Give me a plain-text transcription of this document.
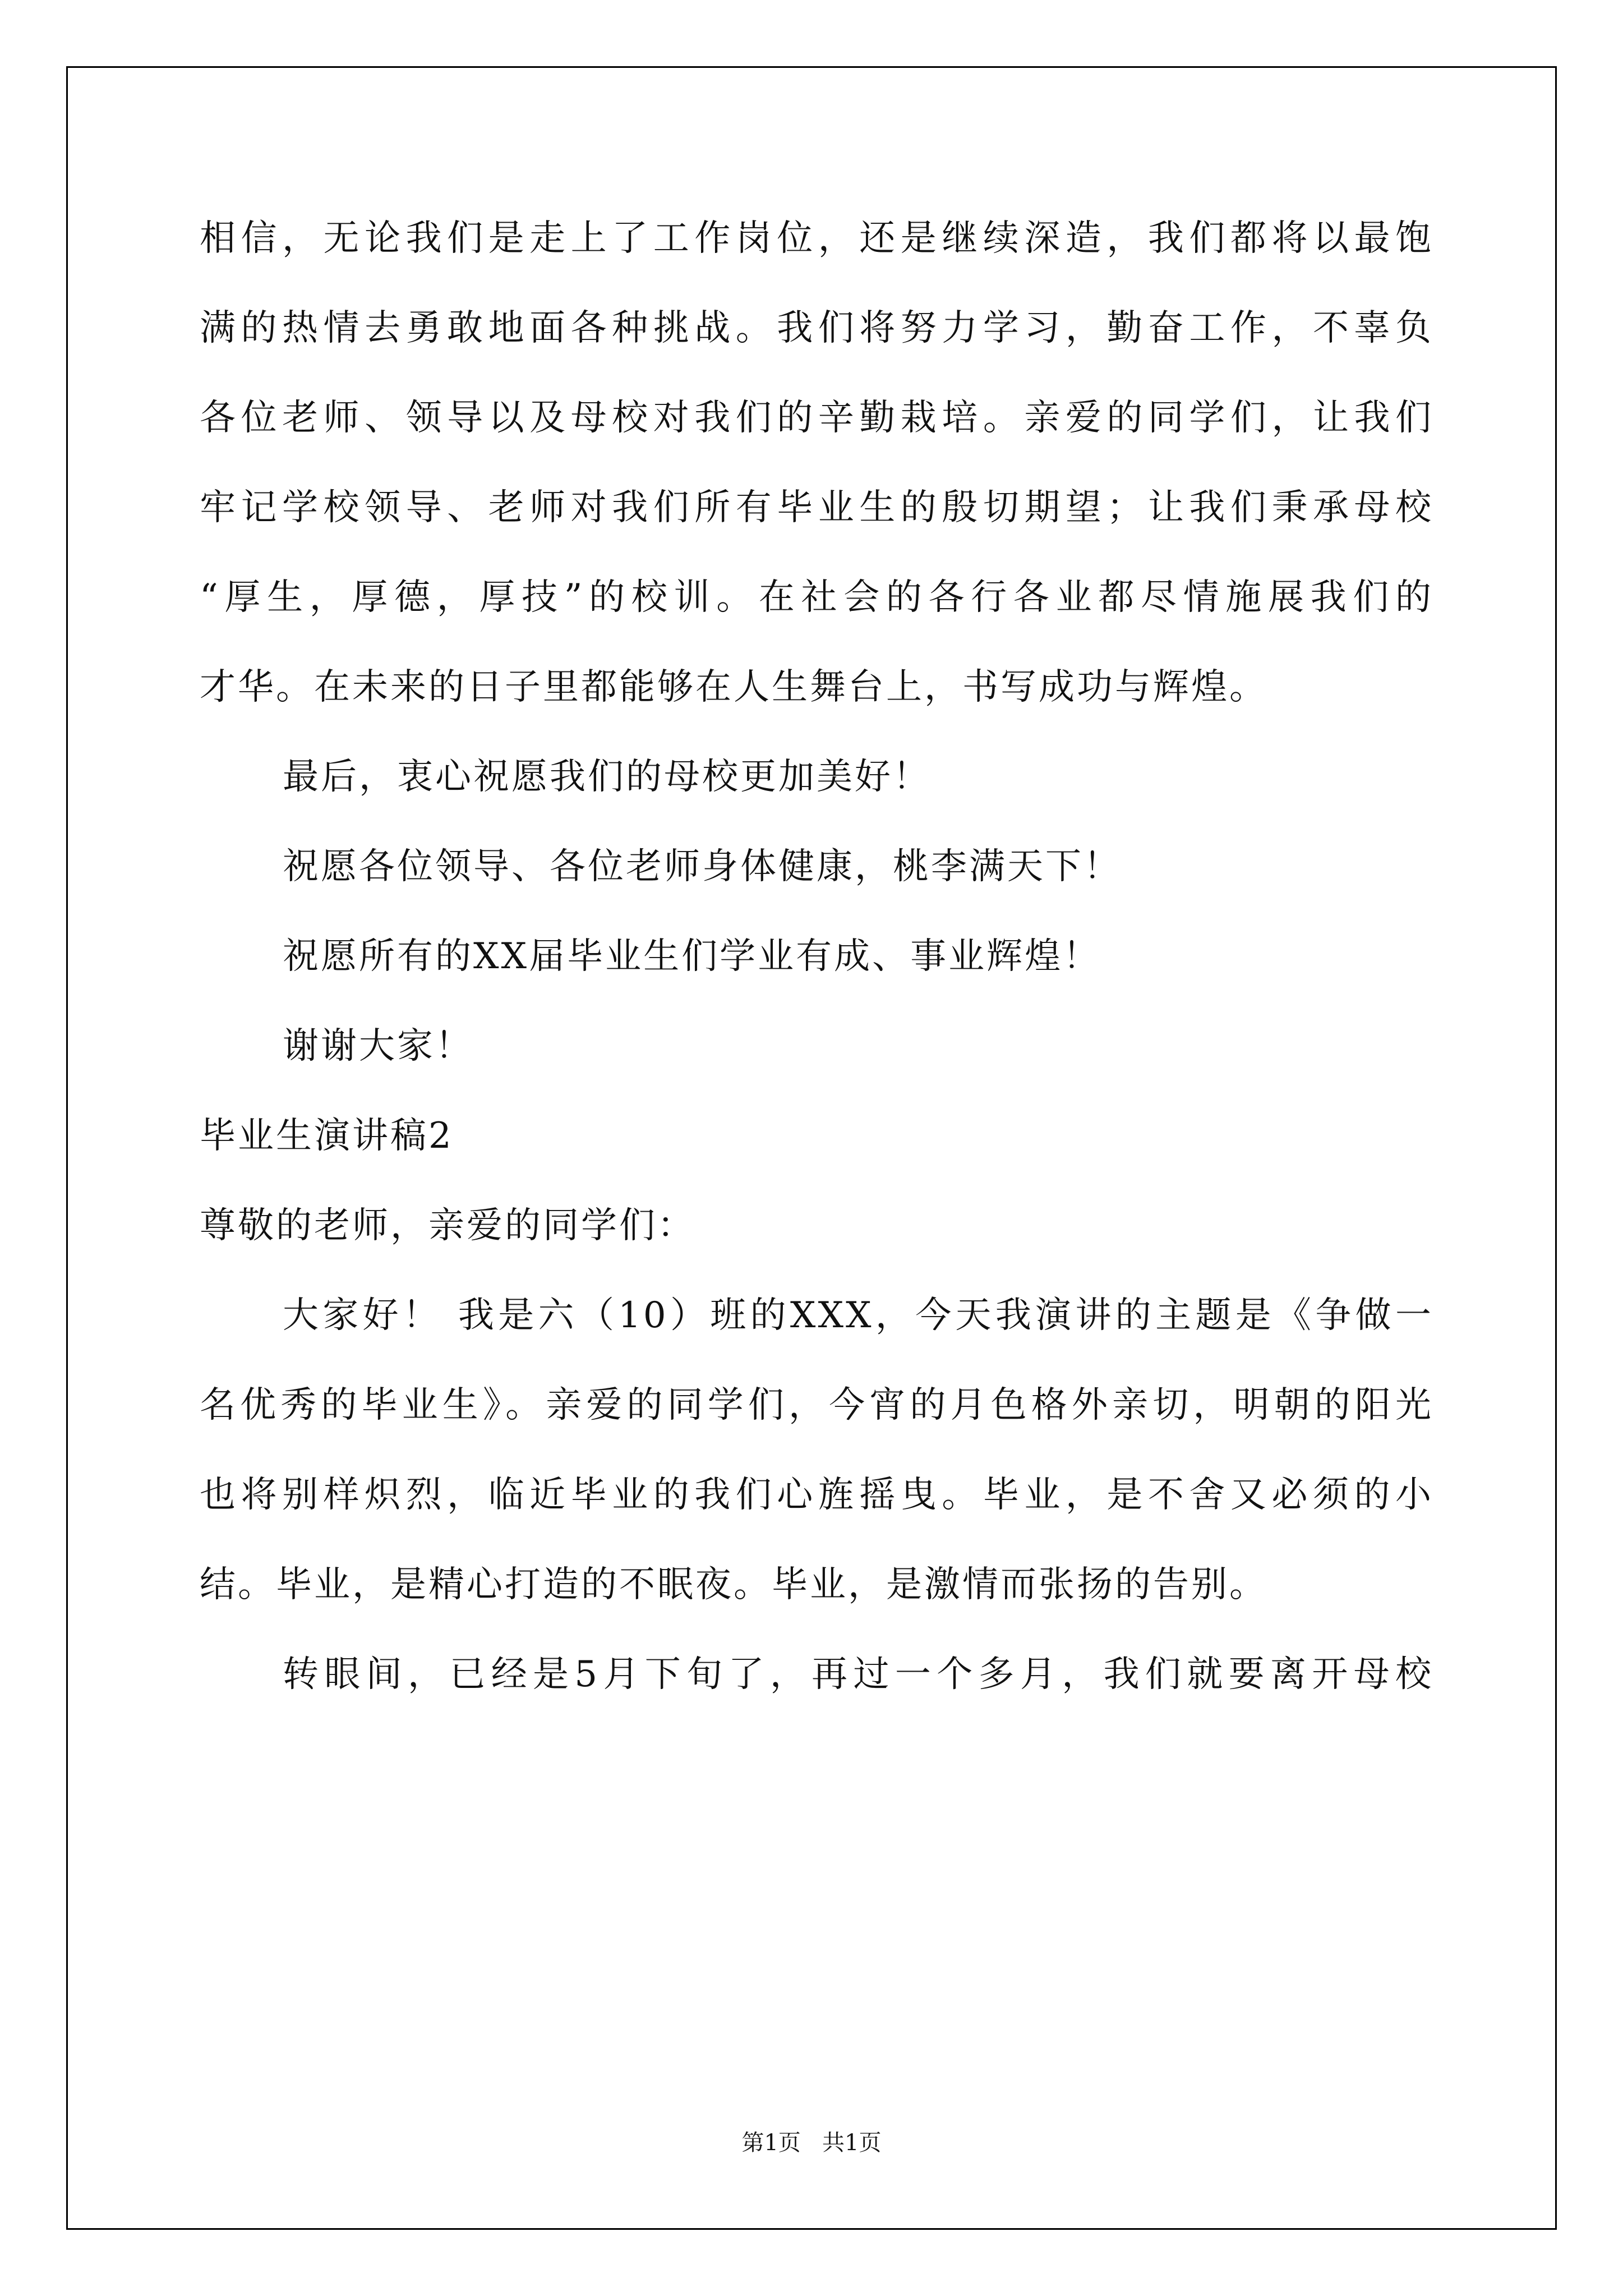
相信，无论我们是走上了工作岗位，还是继续深造，我们都将以最饱
满的热情去勇敢地面各种挑战。我们将努力学习，勤奋工作，不辜负
各位老师、领导以及母校对我们的辛勤栽培。亲爱的同学们，让我们
牢记学校领导、老师对我们所有毕业生的殷切期望；让我们秉承母校
“厚生，厚德，厚技”的校训。在社会的各行各业都尽情施展我们的
才华。在未来的日子里都能够在人生舞台上，书写成功与辉煌。
最后，衷心祝愿我们的母校更加美好！
祝愿各位领导、各位老师身体健康，桃李满天下！
祝愿所有的XX届毕业生们学业有成、事业辉煌！
谢谢大家！
毕业生演讲稿2
尊敬的老师，亲爱的同学们：
大家好！ 我是六（10）班的XXX，今天我演讲的主题是《争做一
名优秀的毕业生》。亲爱的同学们，今宵的月色格外亲切，明朝的阳光
也将别样炽烈，临近毕业的我们心旌摇曳。毕业，是不舍又必须的小
结。毕业，是精心打造的不眠夜。毕业，是激情而张扬的告别。
转眼间，已经是5月下旬了，再过一个多月，我们就要离开母校
第1页   共1页
